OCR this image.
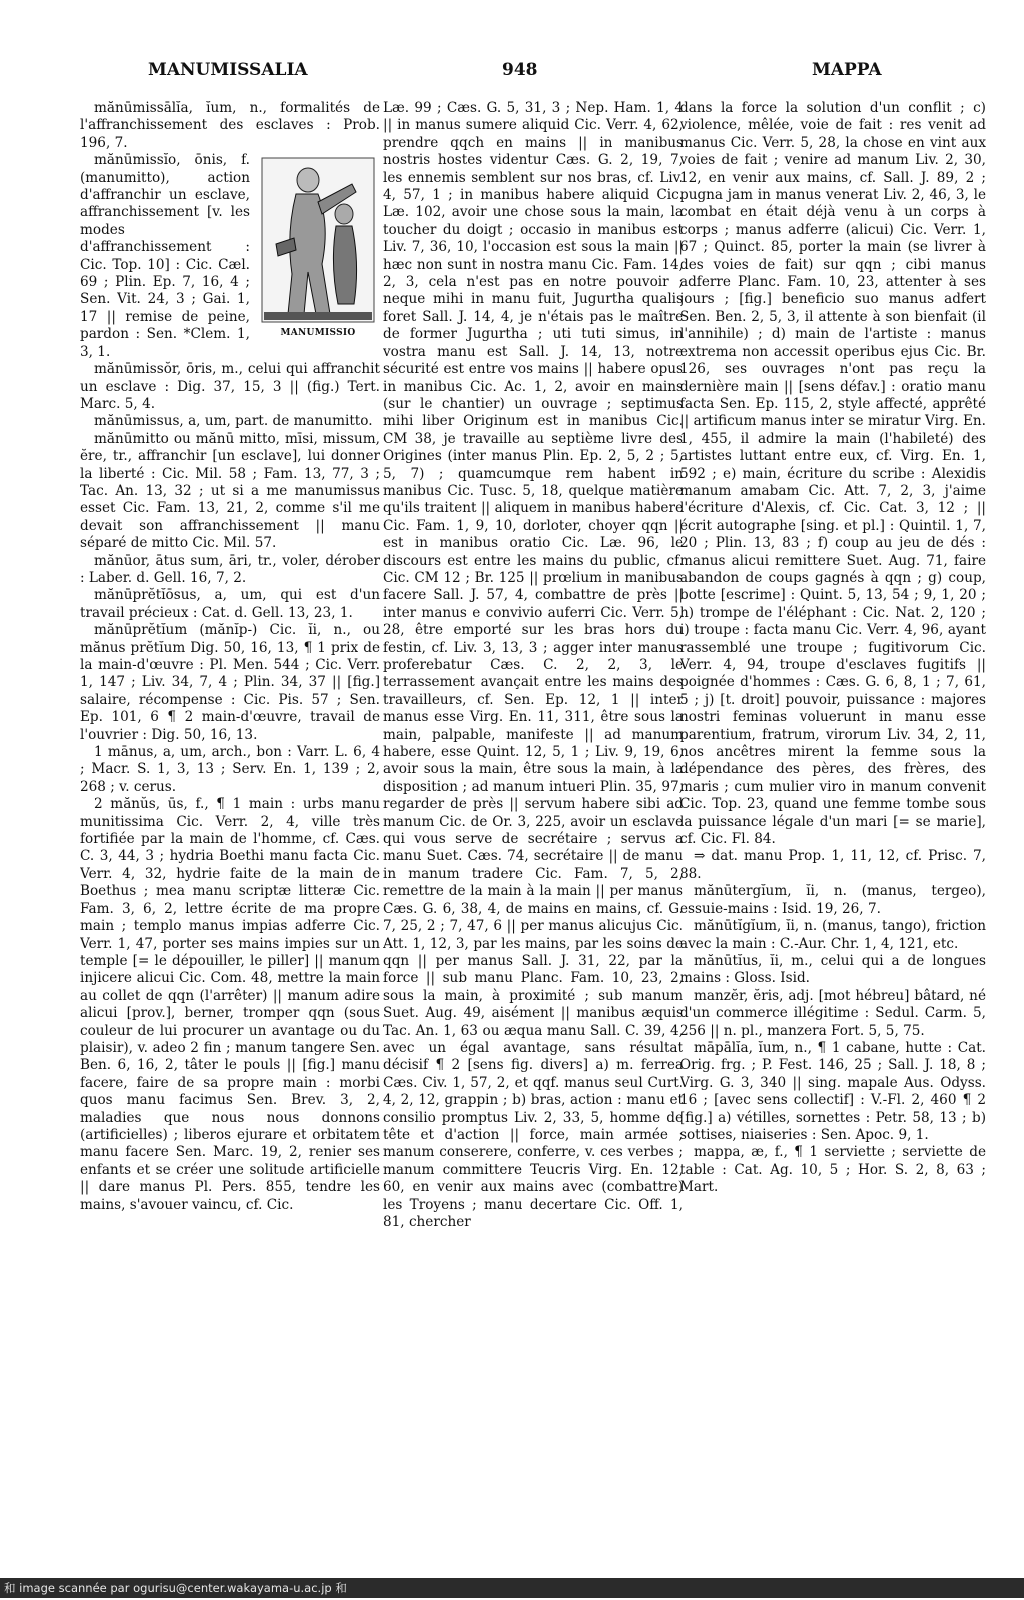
MANUMISSALIA	948	MAPPA

mănūmissālĭa, ĭum, n., formalités de l'affranchissement des esclaves : Prob. 196, 7.

MANUMISSIO

mănūmissĭo, ōnis, f. (manumitto), action d'affranchir un esclave, affranchissement [v. les modes d'affranchissement : Cic. Top. 10] : Cic. Cæl. 69 ; Plin. Ep. 7, 16, 4 ; Sen. Vit. 24, 3 ; Gai. 1, 17 || remise de peine, pardon : Sen. *Clem. 1, 3, 1.

mănūmissŏr, ōris, m., celui qui affranchit un esclave : Dig. 37, 15, 3 || (fig.) Tert. Marc. 5, 4.

mănūmissus, a, um, part. de manumitto.

mănūmitto ou mănū mitto, mīsi, missum, ĕre, tr., affranchir [un esclave], lui donner la liberté : Cic. Mil. 58 ; Fam. 13, 77, 3 ; Tac. An. 13, 32 ; ut si a me manumissus esset Cic. Fam. 13, 21, 2, comme s'il me devait son affranchissement || manu séparé de mitto Cic. Mil. 57.

mănūor, ātus sum, āri, tr., voler, dérober : Laber. d. Gell. 16, 7, 2.

mănūprĕtĭōsus, a, um, qui est d'un travail précieux : Cat. d. Gell. 13, 23, 1.

mănūprĕtĭum (mănĭp-) Cic. ĭi, n., ou mănus prĕtĭum Dig. 50, 16, 13, ¶ 1 prix de la main-d'œuvre : Pl. Men. 544 ; Cic. Verr. 1, 147 ; Liv. 34, 7, 4 ; Plin. 34, 37 || [fig.] salaire, récompense : Cic. Pis. 57 ; Sen. Ep. 101, 6 ¶ 2 main-d'œuvre, travail de l'ouvrier : Dig. 50, 16, 13.

1 mānus, a, um, arch., bon : Varr. L. 6, 4 ; Macr. S. 1, 3, 13 ; Serv. En. 1, 139 ; 2, 268 ; v. cerus.

2 mănŭs, ūs, f., ¶ 1 main : urbs manu munitissima Cic. Verr. 2, 4, ville très fortifiée par la main de l'homme, cf. Cæs. C. 3, 44, 3 ; hydria Boethi manu facta Cic. Verr. 4, 32, hydrie faite de la main de Boethus ; mea manu scriptæ litteræ Cic. Fam. 3, 6, 2, lettre écrite de ma propre main ; templo manus impias adferre Cic. Verr. 1, 47, porter ses mains impies sur un temple [= le dépouiller, le piller] || manum injicere alicui Cic. Com. 48, mettre la main au collet de qqn (l'arrêter) || manum adire alicui [prov.], berner, tromper qqn (sous couleur de lui procurer un avantage ou du plaisir), v. adeo 2 fin ; manum tangere Sen. Ben. 6, 16, 2, tâter le pouls || [fig.] manu facere, faire de sa propre main : morbi quos manu facimus Sen. Brev. 3, 2, maladies que nous nous donnons (artificielles) ; liberos ejurare et orbitatem manu facere Sen. Marc. 19, 2, renier ses enfants et se créer une solitude artificielle || dare manus Pl. Pers. 855, tendre les mains, s'avouer vaincu, cf. Cic.

Læ. 99 ; Cæs. G. 5, 31, 3 ; Nep. Ham. 1, 4 || in manus sumere aliquid Cic. Verr. 4, 62, prendre qqch en mains || in manibus nostris hostes videntur Cæs. G. 2, 19, 7, les ennemis semblent sur nos bras, cf. Liv. 4, 57, 1 ; in manibus habere aliquid Cic. Læ. 102, avoir une chose sous la main, la toucher du doigt ; occasio in manibus est Liv. 7, 36, 10, l'occasion est sous la main || hæc non sunt in nostra manu Cic. Fam. 14, 2, 3, cela n'est pas en notre pouvoir ; neque mihi in manu fuit, Jugurtha qualis foret Sall. J. 14, 4, je n'étais pas le maître de former Jugurtha ; uti tuti simus, in vostra manu est Sall. J. 14, 13, notre sécurité est entre vos mains || habere opus in manibus Cic. Ac. 1, 2, avoir en mains (sur le chantier) un ouvrage ; septimus mihi liber Originum est in manibus Cic. CM 38, je travaille au septième livre des Origines (inter manus Plin. Ep. 2, 5, 2 ; 5, 5, 7) ; quamcumque rem habent in manibus Cic. Tusc. 5, 18, quelque matière qu'ils traitent || aliquem in manibus habere Cic. Fam. 1, 9, 10, dorloter, choyer qqn || est in manibus oratio Cic. Læ. 96, le discours est entre les mains du public, cf. Cic. CM 12 ; Br. 125 || prœlium in manibus facere Sall. J. 57, 4, combattre de près || inter manus e convivio auferri Cic. Verr. 5, 28, être emporté sur les bras hors du festin, cf. Liv. 3, 13, 3 ; agger inter manus proferebatur Cæs. C. 2, 2, 3, le terrassement avançait entre les mains des travailleurs, cf. Sen. Ep. 12, 1 || inter manus esse Virg. En. 11, 311, être sous la main, palpable, manifeste || ad manum habere, esse Quint. 12, 5, 1 ; Liv. 9, 19, 6, avoir sous la main, être sous la main, à la disposition ; ad manum intueri Plin. 35, 97, regarder de près || servum habere sibi ad manum Cic. de Or. 3, 225, avoir un esclave qui vous serve de secrétaire ; servus a manu Suet. Cæs. 74, secrétaire || de manu in manum tradere Cic. Fam. 7, 5, 2, remettre de la main à la main || per manus Cæs. G. 6, 38, 4, de mains en mains, cf. G. 7, 25, 2 ; 7, 47, 6 || per manus alicujus Cic. Att. 1, 12, 3, par les mains, par les soins de qqn || per manus Sall. J. 31, 22, par la force || sub manu Planc. Fam. 10, 23, 2, sous la main, à proximité ; sub manum Suet. Aug. 49, aisément || manibus æquis Tac. An. 1, 63 ou æqua manu Sall. C. 39, 4, avec un égal avantage, sans résultat décisif ¶ 2 [sens fig. divers] a) m. ferrea Cæs. Civ. 1, 57, 2, et qqf. manus seul Curt. 4, 2, 12, grappin ; b) bras, action : manu et consilio promptus Liv. 2, 33, 5, homme de tête et d'action || force, main armée ; manum conserere, conferre, v. ces verbes ; manum committere Teucris Virg. En. 12, 60, en venir aux mains avec (combattre) les Troyens ; manu decertare Cic. Off. 1, 81, chercher

dans la force la solution d'un conflit ; c) violence, mêlée, voie de fait : res venit ad manus Cic. Verr. 5, 28, la chose en vint aux voies de fait ; venire ad manum Liv. 2, 30, 12, en venir aux mains, cf. Sall. J. 89, 2 ; pugna jam in manus venerat Liv. 2, 46, 3, le combat en était déjà venu à un corps à corps ; manus adferre (alicui) Cic. Verr. 1, 67 ; Quinct. 85, porter la main (se livrer à des voies de fait) sur qqn ; cibi manus adferre Planc. Fam. 10, 23, attenter à ses jours ; [fig.] beneficio suo manus adfert Sen. Ben. 2, 5, 3, il attente à son bienfait (il l'annihile) ; d) main de l'artiste : manus extrema non accessit operibus ejus Cic. Br. 126, ses ouvrages n'ont pas reçu la dernière main || [sens défav.] : oratio manu facta Sen. Ep. 115, 2, style affecté, apprêté || artificum manus inter se miratur Virg. En. 1, 455, il admire la main (l'habileté) des artistes luttant entre eux, cf. Virg. En. 1, 592 ; e) main, écriture du scribe : Alexidis manum amabam Cic. Att. 7, 2, 3, j'aime l'écriture d'Alexis, cf. Cic. Cat. 3, 12 ; || écrit autographe [sing. et pl.] : Quintil. 1, 7, 20 ; Plin. 13, 83 ; f) coup au jeu de dés : manus alicui remittere Suet. Aug. 71, faire abandon de coups gagnés à qqn ; g) coup, botte [escrime] : Quint. 5, 13, 54 ; 9, 1, 20 ; h) trompe de l'éléphant : Cic. Nat. 2, 120 ; i) troupe : facta manu Cic. Verr. 4, 96, ayant rassemblé une troupe ; fugitivorum Cic. Verr. 4, 94, troupe d'esclaves fugitifs || poignée d'hommes : Cæs. G. 6, 8, 1 ; 7, 61, 5 ; j) [t. droit] pouvoir, puissance : majores nostri feminas voluerunt in manu esse parentium, fratrum, virorum Liv. 34, 2, 11, nos ancêtres mirent la femme sous la dépendance des pères, des frères, des maris ; cum mulier viro in manum convenit Cic. Top. 23, quand une femme tombe sous la puissance légale d'un mari [= se marie], cf. Cic. Fl. 84.

⇒ dat. manu Prop. 1, 11, 12, cf. Prisc. 7, 88.

mănūtergĭum, ĭi, n. (manus, tergeo), essuie-mains : Isid. 19, 26, 7.

mănūtĭgĭum, ĭi, n. (manus, tango), friction avec la main : C.-Aur. Chr. 1, 4, 121, etc.

mănūtĭus, ĭi, m., celui qui a de longues mains : Gloss. Isid.

manzĕr, ĕris, adj. [mot hébreu] bâtard, né d'un commerce illégitime : Sedul. Carm. 5, 256 || n. pl., manzera Fort. 5, 5, 75.

māpālĭa, ĭum, n., ¶ 1 cabane, hutte : Cat. Orig. frg. ; P. Fest. 146, 25 ; Sall. J. 18, 8 ; Virg. G. 3, 340 || sing. mapale Aus. Odyss. 16 ; [avec sens collectif] : V.-Fl. 2, 460 ¶ 2 [fig.] a) vétilles, sornettes : Petr. 58, 13 ; b) sottises, niaiseries : Sen. Apoc. 9, 1.

mappa, æ, f., ¶ 1 serviette ; serviette de table : Cat. Ag. 10, 5 ; Hor. S. 2, 8, 63 ; Mart.

和 image scannée par ogurisu@center.wakayama-u.ac.jp 和
